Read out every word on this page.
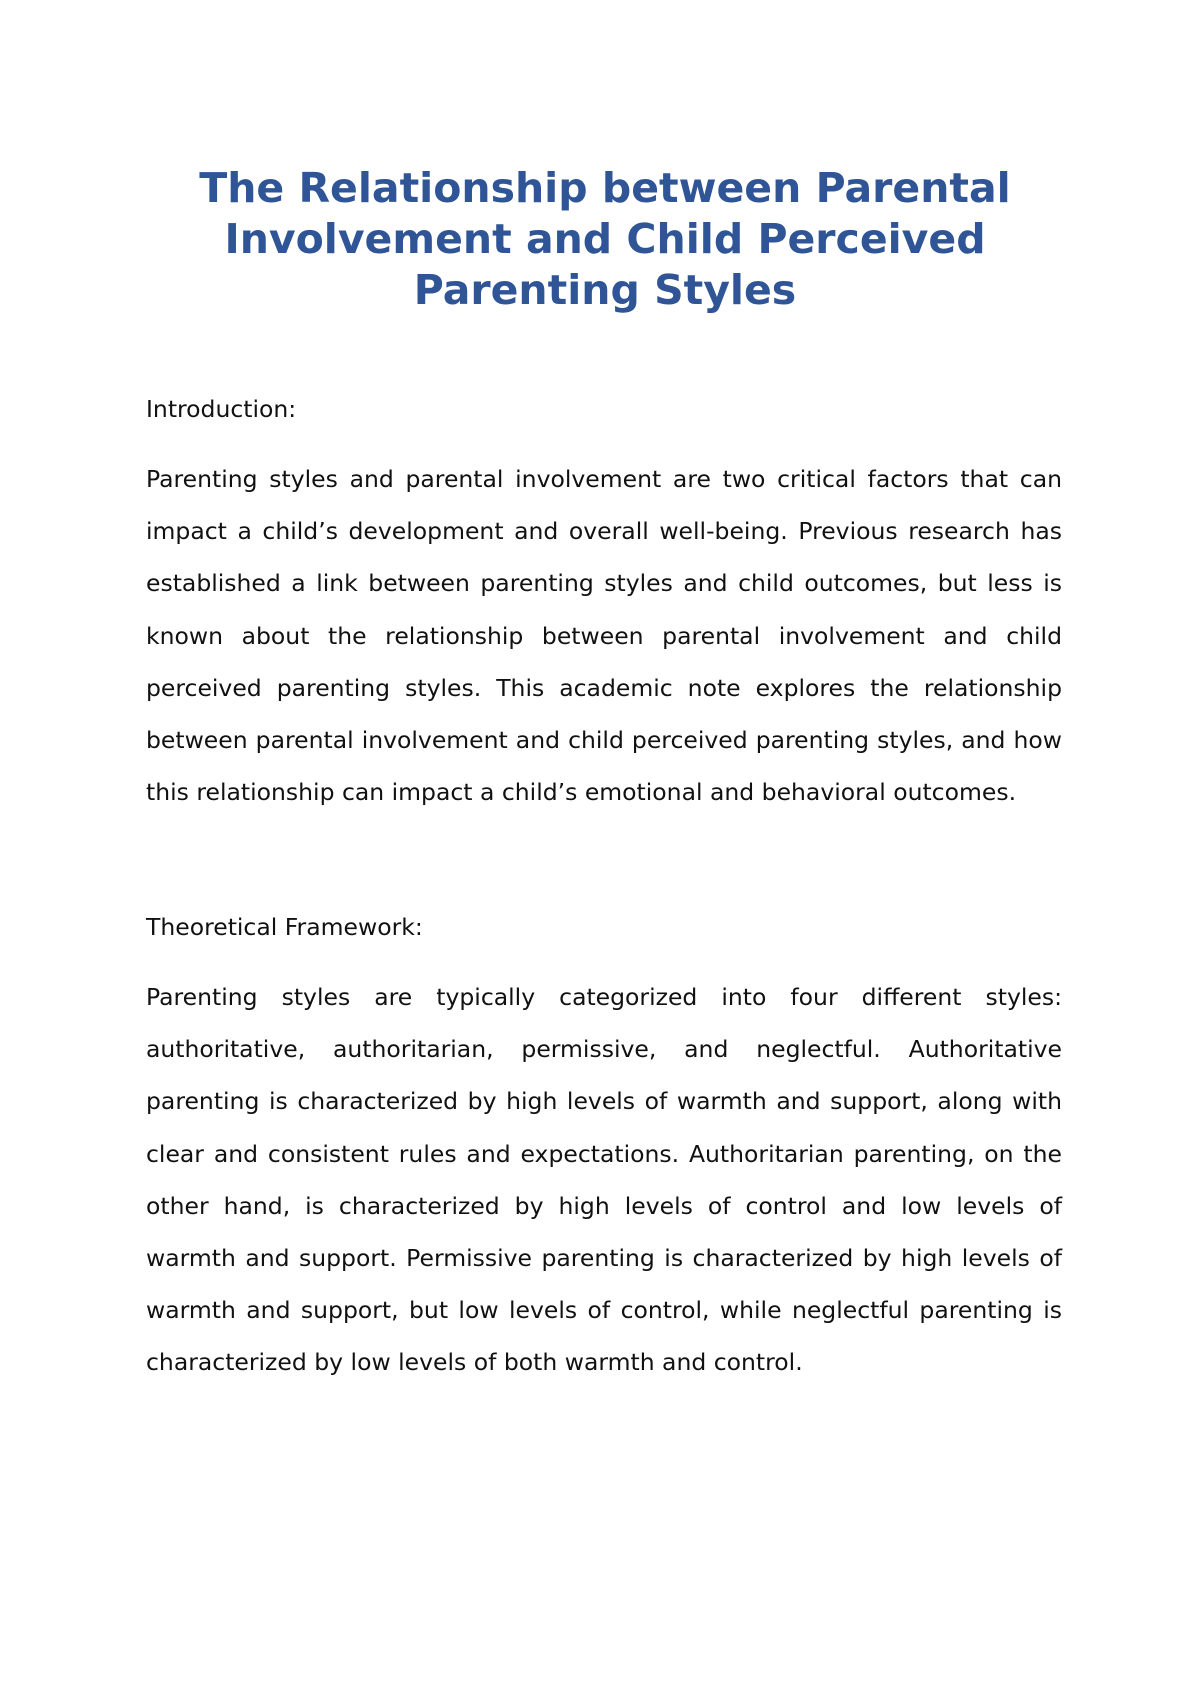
The Relationship between Parental Involvement and Child Perceived Parenting Styles
Introduction:

Parenting styles and parental involvement are two critical factors that can impact a child’s development and overall well-being. Previous research has established a link between parenting styles and child outcomes, but less is known about the relationship between parental involvement and child perceived parenting styles. This academic note explores the relationship between parental involvement and child perceived parenting styles, and how this relationship can impact a child’s emotional and behavioral outcomes.

Theoretical Framework:

Parenting styles are typically categorized into four different styles: authoritative, authoritarian, permissive, and neglectful. Authoritative parenting is characterized by high levels of warmth and support, along with clear and consistent rules and expectations. Authoritarian parenting, on the other hand, is characterized by high levels of control and low levels of warmth and support. Permissive parenting is characterized by high levels of warmth and support, but low levels of control, while neglectful parenting is characterized by low levels of both warmth and control.
